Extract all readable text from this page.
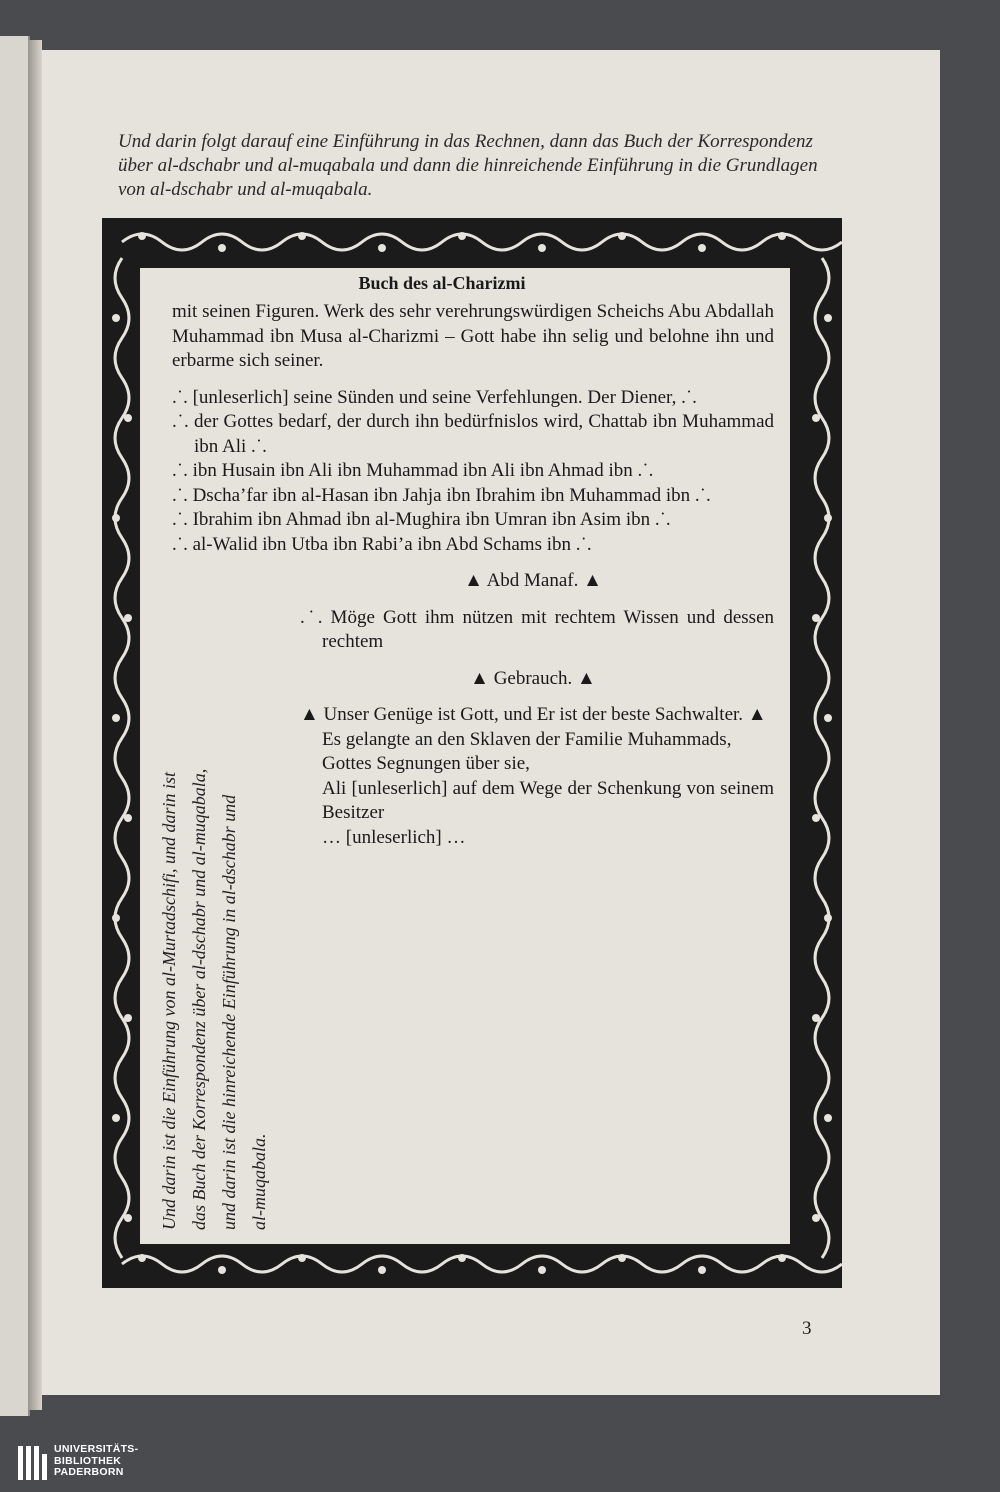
Und darin folgt darauf eine Einführung in das Rechnen, dann das Buch der Korrespondenz

über al-dschabr und al-muqabala und dann die hinreichende Einführung in die Grundlagen

von al-dschabr und al-muqabala.

Buch des al-Charizmi

mit seinen Figuren. Werk des sehr verehrungswürdigen Scheichs Abu Abdallah Muhammad ibn Musa al-Charizmi – Gott habe ihn selig und belohne ihn und erbarme sich seiner.

.˙. [unleserlich] seine Sünden und seine Verfehlungen. Der Diener, .˙.

.˙. der Gottes bedarf, der durch ihn bedürfnislos wird, Chattab ibn Muhammad ibn Ali .˙.

.˙. ibn Husain ibn Ali ibn Muhammad ibn Ali ibn Ahmad ibn .˙.

.˙. Dscha’far ibn al-Hasan ibn Jahja ibn Ibrahim ibn Muhammad ibn .˙.

.˙. Ibrahim ibn Ahmad ibn al-Mughira ibn Umran ibn Asim ibn .˙.

.˙. al-Walid ibn Utba ibn Rabi’a ibn Abd Schams ibn .˙.

▲ Abd Manaf. ▲

.˙. Möge Gott ihm nützen mit rechtem Wissen und dessen rechtem

▲ Gebrauch. ▲

▲ Unser Genüge ist Gott, und Er ist der beste Sachwalter. ▲

Es gelangte an den Sklaven der Familie Muhammads,

Gottes Segnungen über sie,

Ali [unleserlich] auf dem Wege der Schenkung von seinem Besitzer

… [unleserlich] …

Und darin ist die Einführung von al-Murtadschifi, und darin ist das Buch der Korrespondenz über al-dschabr und al-muqabala, und darin ist die hinreichende Einführung in al-dschabr und al-muqabala.

3
UNIVERSITÄTS-
BIBLIOTHEK
PADERBORN
